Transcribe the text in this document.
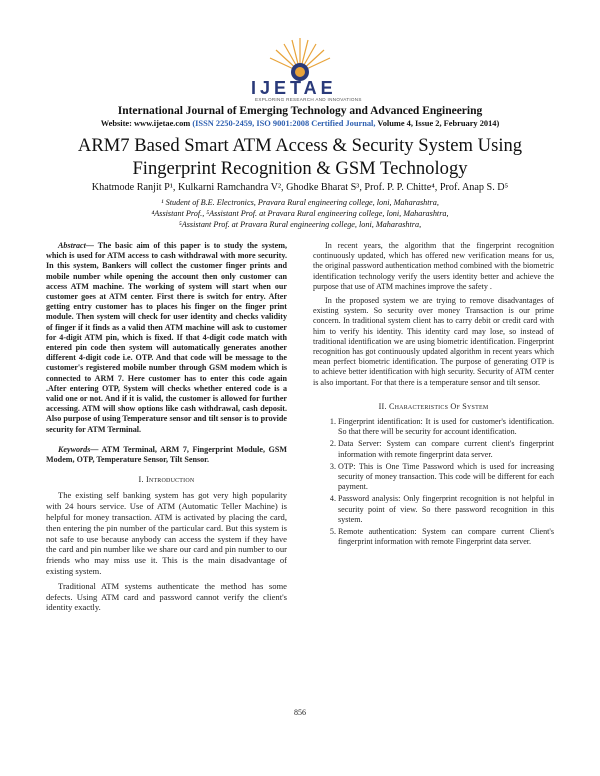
IJETAE
EXPLORING RESEARCH AND INNOVATIONS
International Journal of Emerging Technology and Advanced Engineering
Website: www.ijetae.com (ISSN 2250-2459, ISO 9001:2008 Certified Journal, Volume 4, Issue 2, February 2014)
ARM7 Based Smart ATM Access & Security System Using
Fingerprint Recognition & GSM Technology
Khatmode Ranjit P¹, Kulkarni Ramchandra V², Ghodke Bharat S³, Prof. P. P. Chitte⁴, Prof. Anap S. D⁵
¹ Student of B.E. Electronics, Pravara Rural engineering college, loni, Maharashtra,
⁴Assistant Prof., ⁵Assistant Prof. at Pravara Rural engineering college, loni, Maharashtra,
⁵Assistant Prof. at Pravara Rural engineering college, loni, Maharashtra,

Abstract— The basic aim of this paper is to study the system, which is used for ATM access to cash withdrawal with more security. In this system, Bankers will collect the customer finger prints and mobile number while opening the account then only customer can access ATM machine. The working of system will start when our customer goes at ATM center. First there is switch for entry. After getting entry customer has to places his finger on the finger print module. Then system will check for user identity and checks validity of finger if it finds as a valid then ATM machine will ask to customer for 4-digit ATM pin, which is fixed. If that 4-digit code match with entered pin code then system will automatically generates another different 4-digit code i.e. OTP. And that code will be message to the customer's registered mobile number through GSM modem which is connected to ARM 7. Here customer has to enter this code again .After entering OTP, System will checks whether entered code is a valid one or not. And if it is valid, the customer is allowed for further accessing. ATM will show options like cash withdrawal, cash deposit. Also purpose of using Temperature sensor and tilt sensor is to provide security for ATM Terminal.

Keywords— ATM Terminal, ARM 7, Fingerprint Module, GSM Modem, OTP, Temperature Sensor, Tilt Sensor.

I. Introduction

The existing self banking system has got very high popularity with 24 hours service. Use of ATM (Automatic Teller Machine) is helpful for money transaction. ATM is activated by placing the card, then entering the pin number of the particular card. But this system is not safe to use because anybody can access the system if they have the card and pin number like we share our card and pin number to our friends who may miss use it. This is the main disadvantage of existing system.

Traditional ATM systems authenticate the method has some defects. Using ATM card and password cannot verify the client's identity exactly.

In recent years, the algorithm that the fingerprint recognition continuously updated, which has offered new verification means for us, the original password authentication method combined with the biometric identification technology verify the users identity better and achieve the purpose that use of ATM machines improve the safety .

In the proposed system we are trying to remove disadvantages of existing system. So security over money Transaction is our prime concern. In traditional system client has to carry debit or credit card with him to verify his identity. This identity card may lose, so instead of traditional identification we are using biometric identification. Fingerprint recognition has got continuously updated algorithm in recent years which mean perfect biometric identification. The purpose of generating OTP is to achieve better identification with high security. Security of ATM center is also important. For that there is a temperature sensor and tilt sensor.

II. Characteristics Of System
1. Fingerprint identification: It is used for customer's identification. So that there will be security for account identification.
2. Data Server: System can compare current client's fingerprint information with remote fingerprint data server.
3. OTP: This is One Time Password which is used for increasing security of money transaction. This code will be different for each payment.
4. Password analysis: Only fingerprint recognition is not helpful in security point of view. So there password recognition in this system.
5. Remote authentication: System can compare current Client's fingerprint information with remote Fingerprint data server.
856
